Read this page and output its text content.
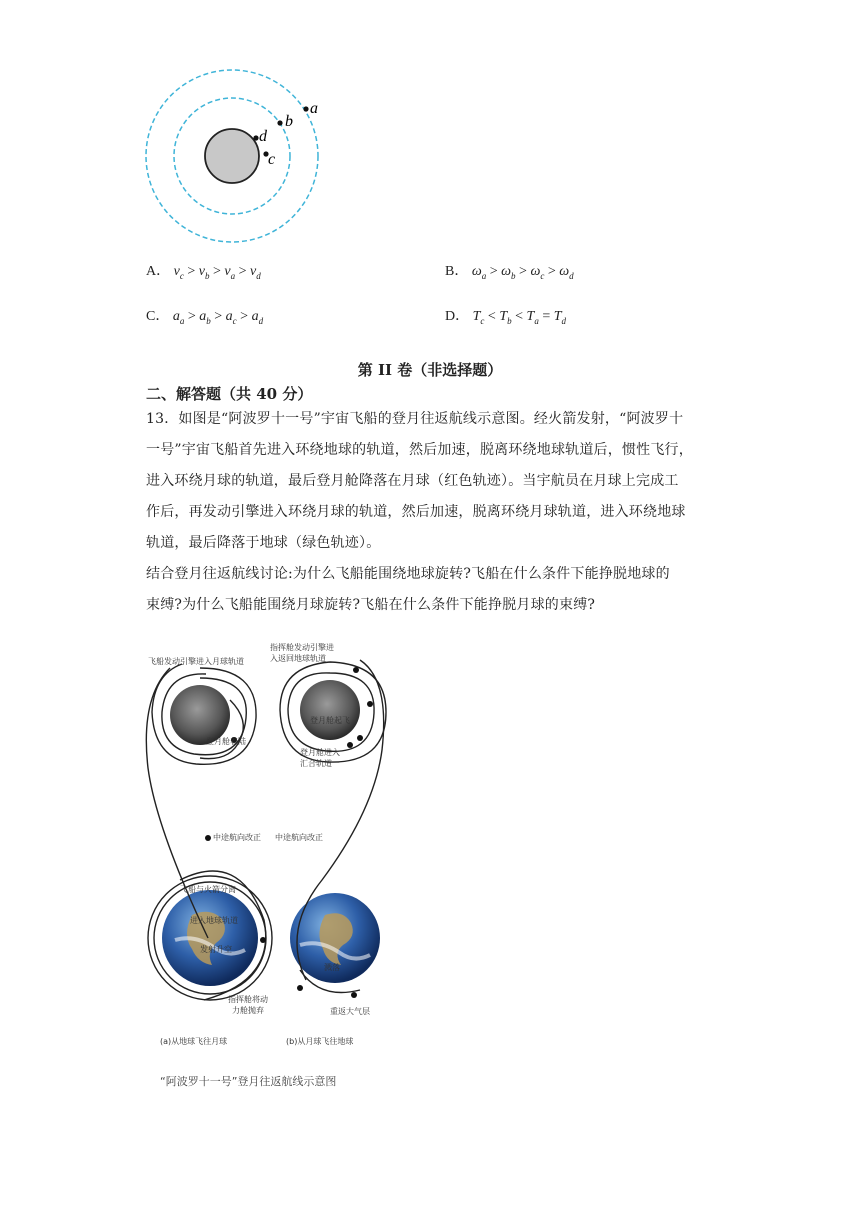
a
b
d
c
A． $v_c > v_b > v_a > v_d$	B． $\omega_a > \omega_b > \omega_c > \omega_d$
C． $a_a > a_b > a_c > a_d$	D． $T_c < T_b < T_a = T_d$
第 II 卷（非选择题）
二、解答题（共 40 分）
13．如图是“阿波罗十一号”宇宙飞船的登月往返航线示意图。经火箭发射，“阿波罗十
一号”宇宙飞船首先进入环绕地球的轨道，然后加速，脱离环绕地球轨道后，惯性飞行，
进入环绕月球的轨道，最后登月舱降落在月球（红色轨迹）。当宇航员在月球上完成工
作后，再发动引擎进入环绕月球的轨道，然后加速，脱离环绕月球轨道，进入环绕地球
轨道，最后降落于地球（绿色轨迹）。
结合登月往返航线讨论:为什么飞船能围绕地球旋转?飞船在什么条件下能挣脱地球的
束缚?为什么飞船能围绕月球旋转?飞船在什么条件下能挣脱月球的束缚?
飞船发动引擎进入月球轨道
指挥舱发动引擎进
入返回地球轨道
登月舱着陆
登月舱起飞
登月舱进入
汇合轨道
中途航向改正 中途航向改正
飞船与火箭分离
进入地球轨道
发射升空
溅落
指挥舱将动
力舱抛弃	重返大气层
(a)从地球飞往月球	(b)从月球飞往地球
“阿波罗十一号”登月往返航线示意图
